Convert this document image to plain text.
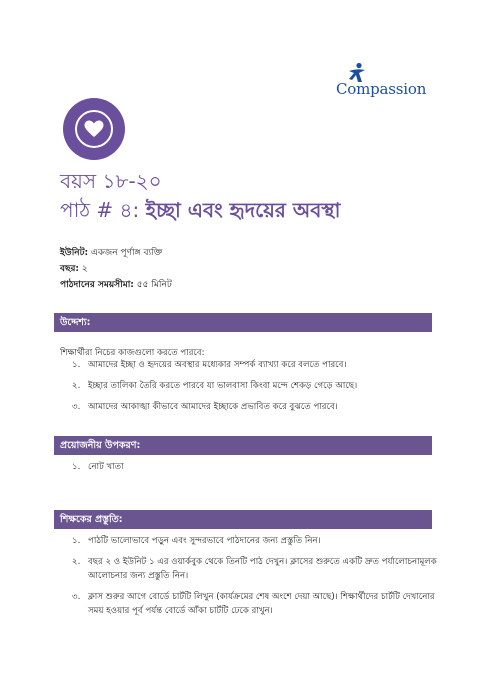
Compassion
বয়স ১৮-২০
পাঠ # ৪: ইচ্ছা এবং হৃদয়ের অবস্থা
ইউনিট: একজন পূর্ণাঙ্গ ব্যক্তি
বছর: ২
পাঠদানের সময়সীমা: ৫৫ মিনিট
উদ্দেশ্য:
শিক্ষার্থীরা নিচের কাজগুলো করতে পারবে:
১. আমাদের ইচ্ছা ও হৃদয়ের অবস্থার মধ্যেকার সম্পর্ক ব্যাখ্যা করে বলতে পারবে।
২. ইচ্ছার তালিকা তৈরি করতে পারবে যা ভালবাসা কিংবা মন্দে শেকড় গেড়ে আছে।
৩. আমাদের আকাঙ্খা কীভাবে আমাদের ইচ্ছাকে প্রভাবিত করে বুঝতে পারবে।
প্রয়োজনীয় উপকরণ:
১. নোট খাতা
শিক্ষকের প্রস্তুতি:
১. পাঠটি ভালোভাবে পড়ুন এবং সুন্দরভাবে পাঠদানের জন্য প্রস্তুতি নিন।
২. বছর ২ ও ইউনিট ১ এর ওয়ার্কবুক থেকে তিনটি পাঠ দেখুন। ক্লাসের শুরুতে একটি দ্রুত পর্যালোচনামূলক আলোচনার জন্য প্রস্তুতি নিন।
৩. ক্লাস শুরুর আগে বোর্ডে চার্টটি লিখুন (কার্যক্রমের শেষ অংশে দেয়া আছে)। শিক্ষার্থীদের চার্টটি দেখানোর সময় হওয়ার পূর্ব পর্যন্ত বোর্ডে আঁকা চার্টটি ঢেকে রাখুন।
